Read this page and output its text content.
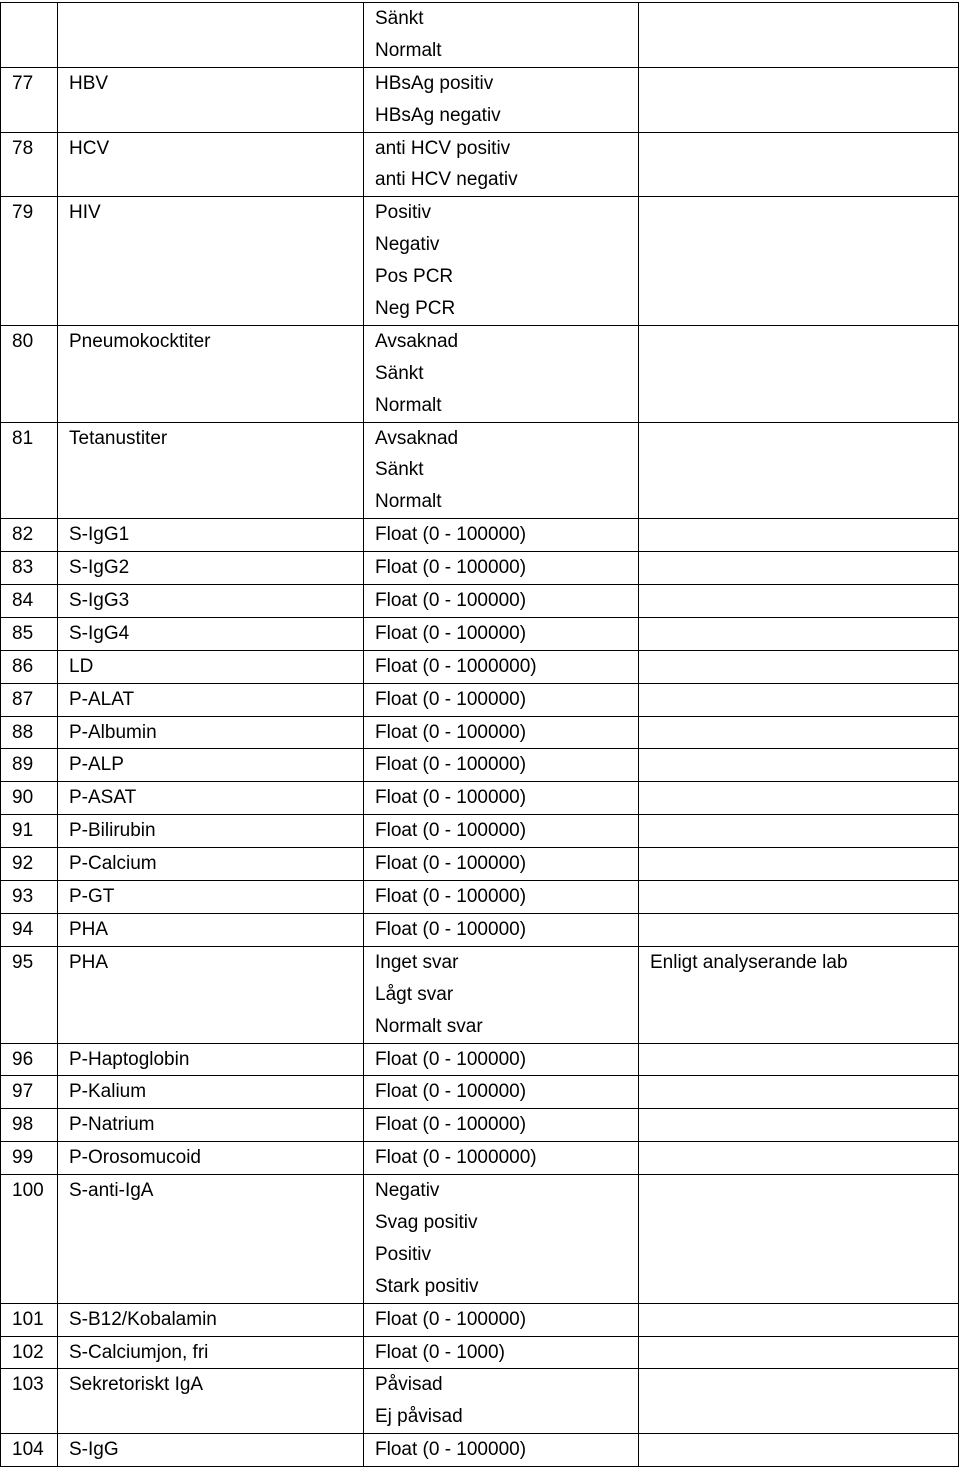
		Sänkt
Normalt	

77	HBV	HBsAg positiv
HBsAg negativ	

78	HCV	anti HCV positiv
anti HCV negativ	

79	HIV	Positiv
Negativ
Pos PCR
Neg PCR	

80	Pneumokocktiter	Avsaknad
Sänkt
Normalt	

81	Tetanustiter	Avsaknad
Sänkt
Normalt	

82	S-IgG1	Float (0 - 100000)	

83	S-IgG2	Float (0 - 100000)	

84	S-IgG3	Float (0 - 100000)	

85	S-IgG4	Float (0 - 100000)	

86	LD	Float (0 - 1000000)	

87	P-ALAT	Float (0 - 100000)	

88	P-Albumin	Float (0 - 100000)	

89	P-ALP	Float (0 - 100000)	

90	P-ASAT	Float (0 - 100000)	

91	P-Bilirubin	Float (0 - 100000)	

92	P-Calcium	Float (0 - 100000)	

93	P-GT	Float (0 - 100000)	

94	PHA	Float (0 - 100000)	

95	PHA	Inget svar
Lågt svar
Normalt svar	Enligt analyserande lab

96	P-Haptoglobin	Float (0 - 100000)	

97	P-Kalium	Float (0 - 100000)	

98	P-Natrium	Float (0 - 100000)	

99	P-Orosomucoid	Float (0 - 1000000)	

100	S-anti-IgA	Negativ
Svag positiv
Positiv
Stark positiv	

101	S-B12/Kobalamin	Float (0 - 100000)	

102	S-Calciumjon, fri	Float (0 - 1000)	

103	Sekretoriskt IgA	Påvisad
Ej påvisad	

104	S-IgG	Float (0 - 100000)	
